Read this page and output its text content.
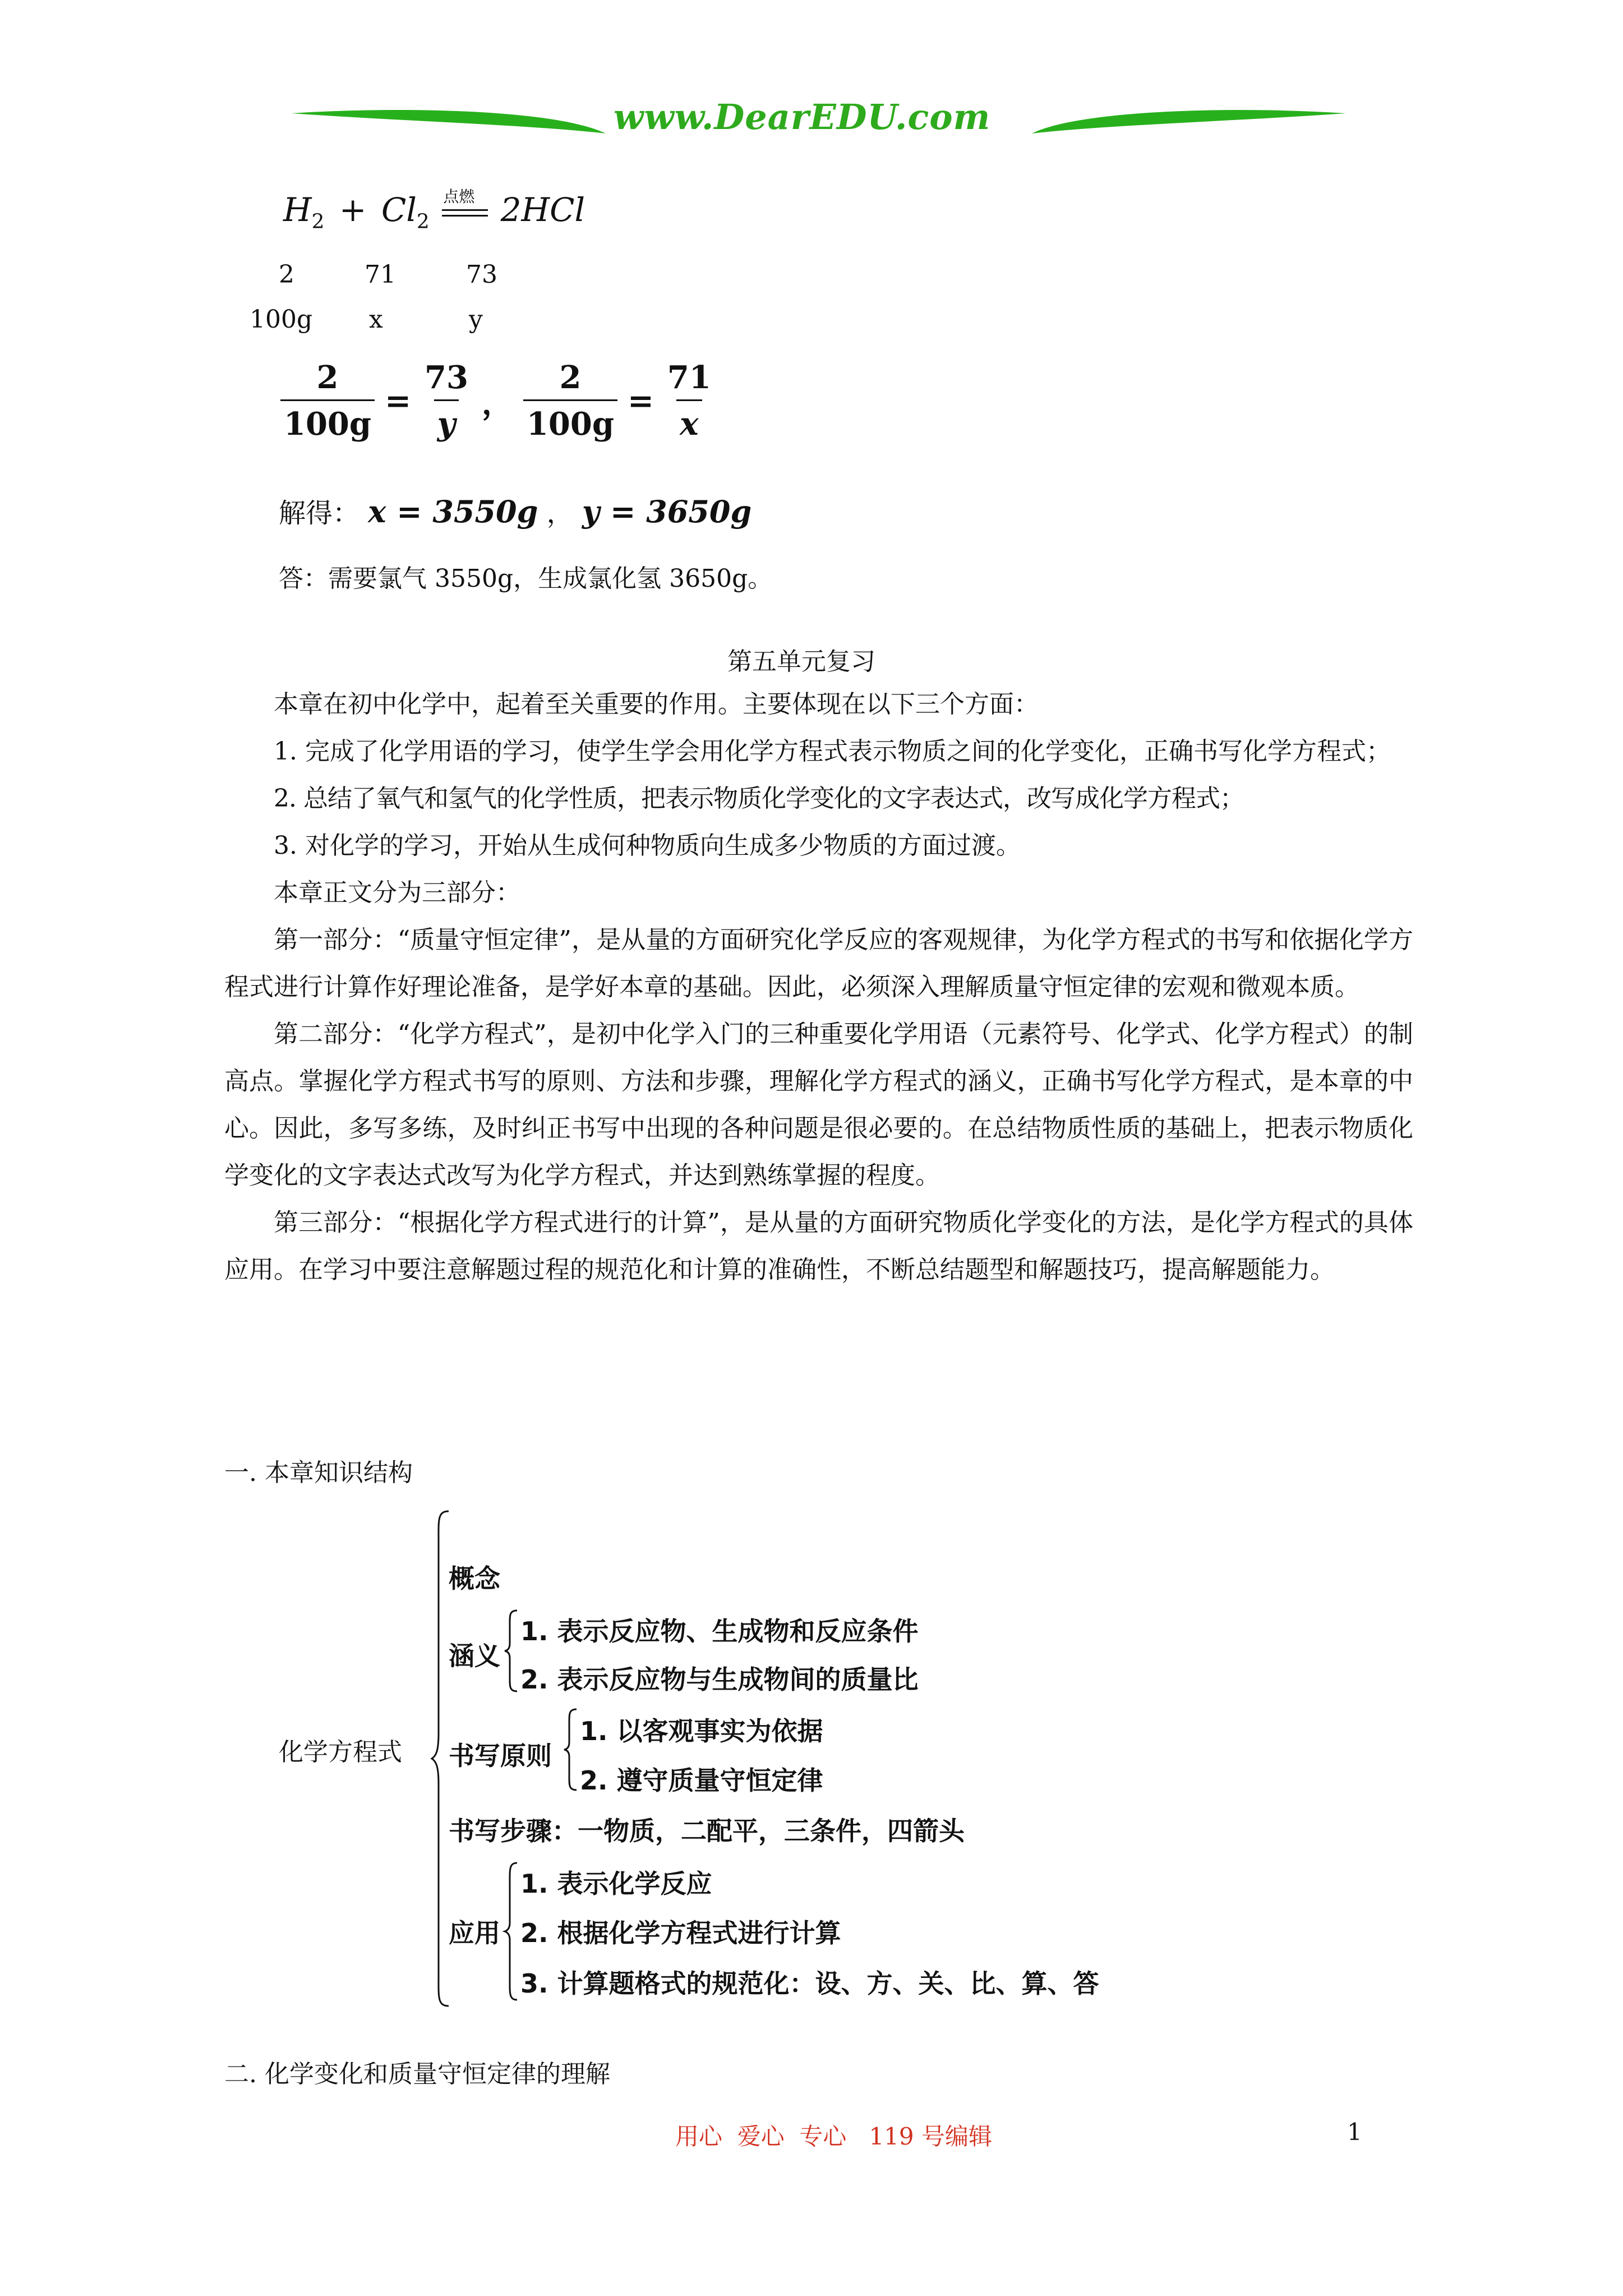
www.DearEDU.com
$H_2 + Cl_2$
点燃 2HCl
2	71	73
100g x	y
$\frac{2}{100g} = \frac{73}{y}$ ， $\frac{2}{100g} = \frac{71}{x}$
解得： x = 3550g ， y = 3650g
答：需要氯气 3550g，生成氯化氢 3650g。
第五单元复习
本章在初中化学中，起着至关重要的作用。主要体现在以下三个方面：
1. 完成了化学用语的学习，使学生学会用化学方程式表示物质之间的化学变化，正确书写化学方程式；
2. 总结了氧气和氢气的化学性质，把表示物质化学变化的文字表达式，改写成化学方程式；
3. 对化学的学习，开始从生成何种物质向生成多少物质的方面过渡。
本章正文分为三部分：
第一部分：“质量守恒定律”，是从量的方面研究化学反应的客观规律，为化学方程式的书写和依据化学方程式进行计算作好理论准备，是学好本章的基础。因此，必须深入理解质量守恒定律的宏观和微观本质。
第二部分：“化学方程式”，是初中化学入门的三种重要化学用语（元素符号、化学式、化学方程式）的制高点。掌握化学方程式书写的原则、方法和步骤，理解化学方程式的涵义，正确书写化学方程式，是本章的中心。因此，多写多练，及时纠正书写中出现的各种问题是很必要的。在总结物质性质的基础上，把表示物质化学变化的文字表达式改写为化学方程式，并达到熟练掌握的程度。
第三部分：“根据化学方程式进行的计算”，是从量的方面研究物质化学变化的方法，是化学方程式的具体应用。在学习中要注意解题过程的规范化和计算的准确性，不断总结题型和解题技巧，提高解题能力。
一. 本章知识结构
化学方程式
概念
涵义
1. 表示反应物、生成物和反应条件
2. 表示反应物与生成物间的质量比
书写原则
1. 以客观事实为依据
2. 遵守质量守恒定律
书写步骤：一物质，二配平，三条件，四箭头
应用
1. 表示化学反应
2. 根据化学方程式进行计算
3. 计算题格式的规范化：设、方、关、比、算、答
二. 化学变化和质量守恒定律的理解
用心  爱心  专心   119 号编辑	1
